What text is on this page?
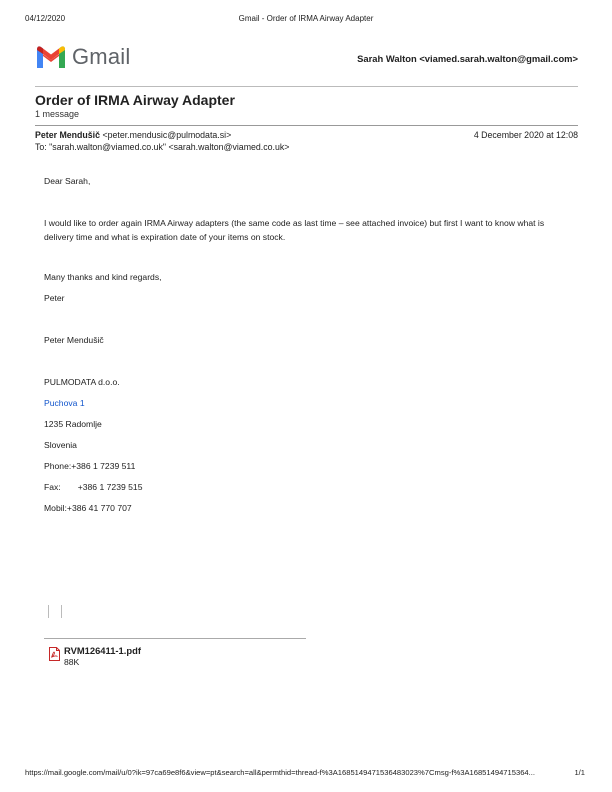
04/12/2020	Gmail - Order of IRMA Airway Adapter
Gmail	Sarah Walton <viamed.sarah.walton@gmail.com>
Order of IRMA Airway Adapter
1 message
Peter Mendušič <peter.mendusic@pulmodata.si>	4 December 2020 at 12:08
To: "sarah.walton@viamed.co.uk" <sarah.walton@viamed.co.uk>
Dear Sarah,
I would like to order again IRMA Airway adapters (the same code as last time – see attached invoice) but first I want to know what is delivery time and what is expiration date of your items on stock.
Many thanks and kind regards,
Peter
Peter Mendušič
PULMODATA d.o.o.
Puchova 1
1235 Radomlje
Slovenia
Phone:+386 1 7239 511
Fax: +386 1 7239 515
Mobil:+386 41 770 707
RVM126411-1.pdf
88K
https://mail.google.com/mail/u/0?ik=97ca69e8f6&view=pt&search=all&permthid=thread-f%3A1685149471536483023%7Cmsg-f%3A16851494715364...	1/1
